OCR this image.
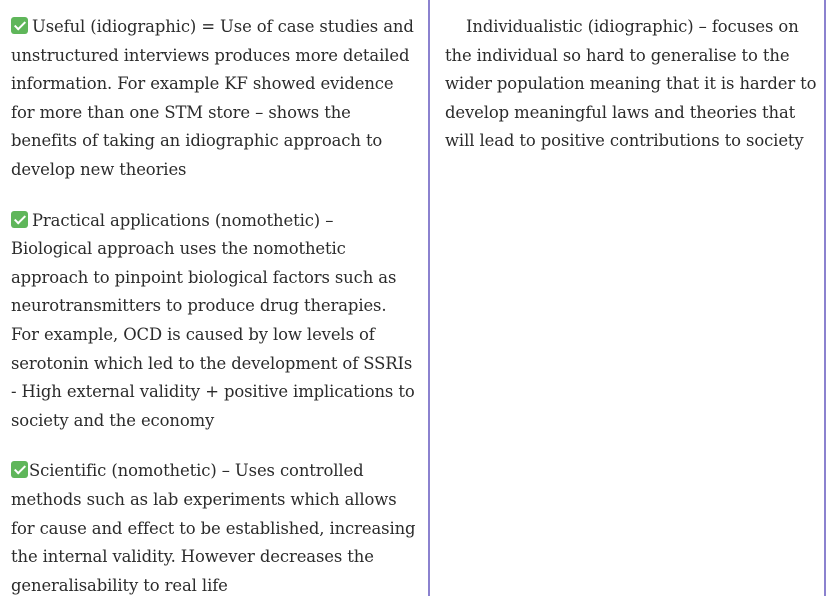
Useful (idiographic) = Use of case studies and unstructured interviews produces more detailed information. For example KF showed evidence for more than one STM store – shows the benefits of taking an idiographic approach to develop new theories

Practical applications (nomothetic) – Biological approach uses the nomothetic approach to pinpoint biological factors such as neurotransmitters to produce drug therapies. For example, OCD is caused by low levels of serotonin which led to the development of SSRIs - High external validity + positive implications to society and the economy

Scientific (nomothetic) – Uses controlled methods such as lab experiments which allows for cause and effect to be established, increasing the internal validity. However decreases the generalisability to real life

Individualistic (idiographic) – focuses on the individual so hard to generalise to the wider population meaning that it is harder to develop meaningful laws and theories that will lead to positive contributions to society
